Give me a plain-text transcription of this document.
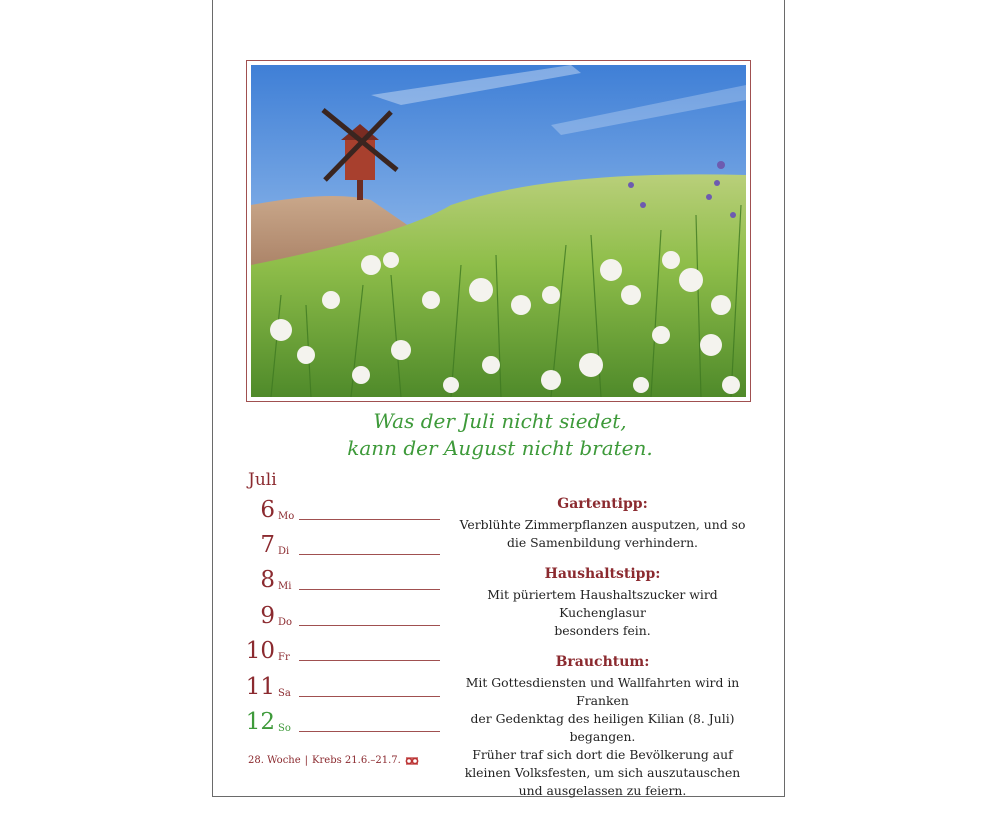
Was der Juli nicht siedet,
kann der August nicht braten.
Juli
6 Mo
7 Di
8 Mi
9 Do
10 Fr
11 Sa
12 So

Gartentipp:

Verblühte Zimmerpflanzen ausputzen, und so
die Samenbildung verhindern.

Haushaltstipp:

Mit püriertem Haushaltszucker wird Kuchenglasur
besonders fein.

Brauchtum:

Mit Gottesdiensten und Wallfahrten wird in Franken
der Gedenktag des heiligen Kilian (8. Juli) begangen.
Früher traf sich dort die Bevölkerung auf
kleinen Volksfesten, um sich auszutauschen
und ausgelassen zu feiern.

28. Woche | Krebs 21.6.–21.7.
